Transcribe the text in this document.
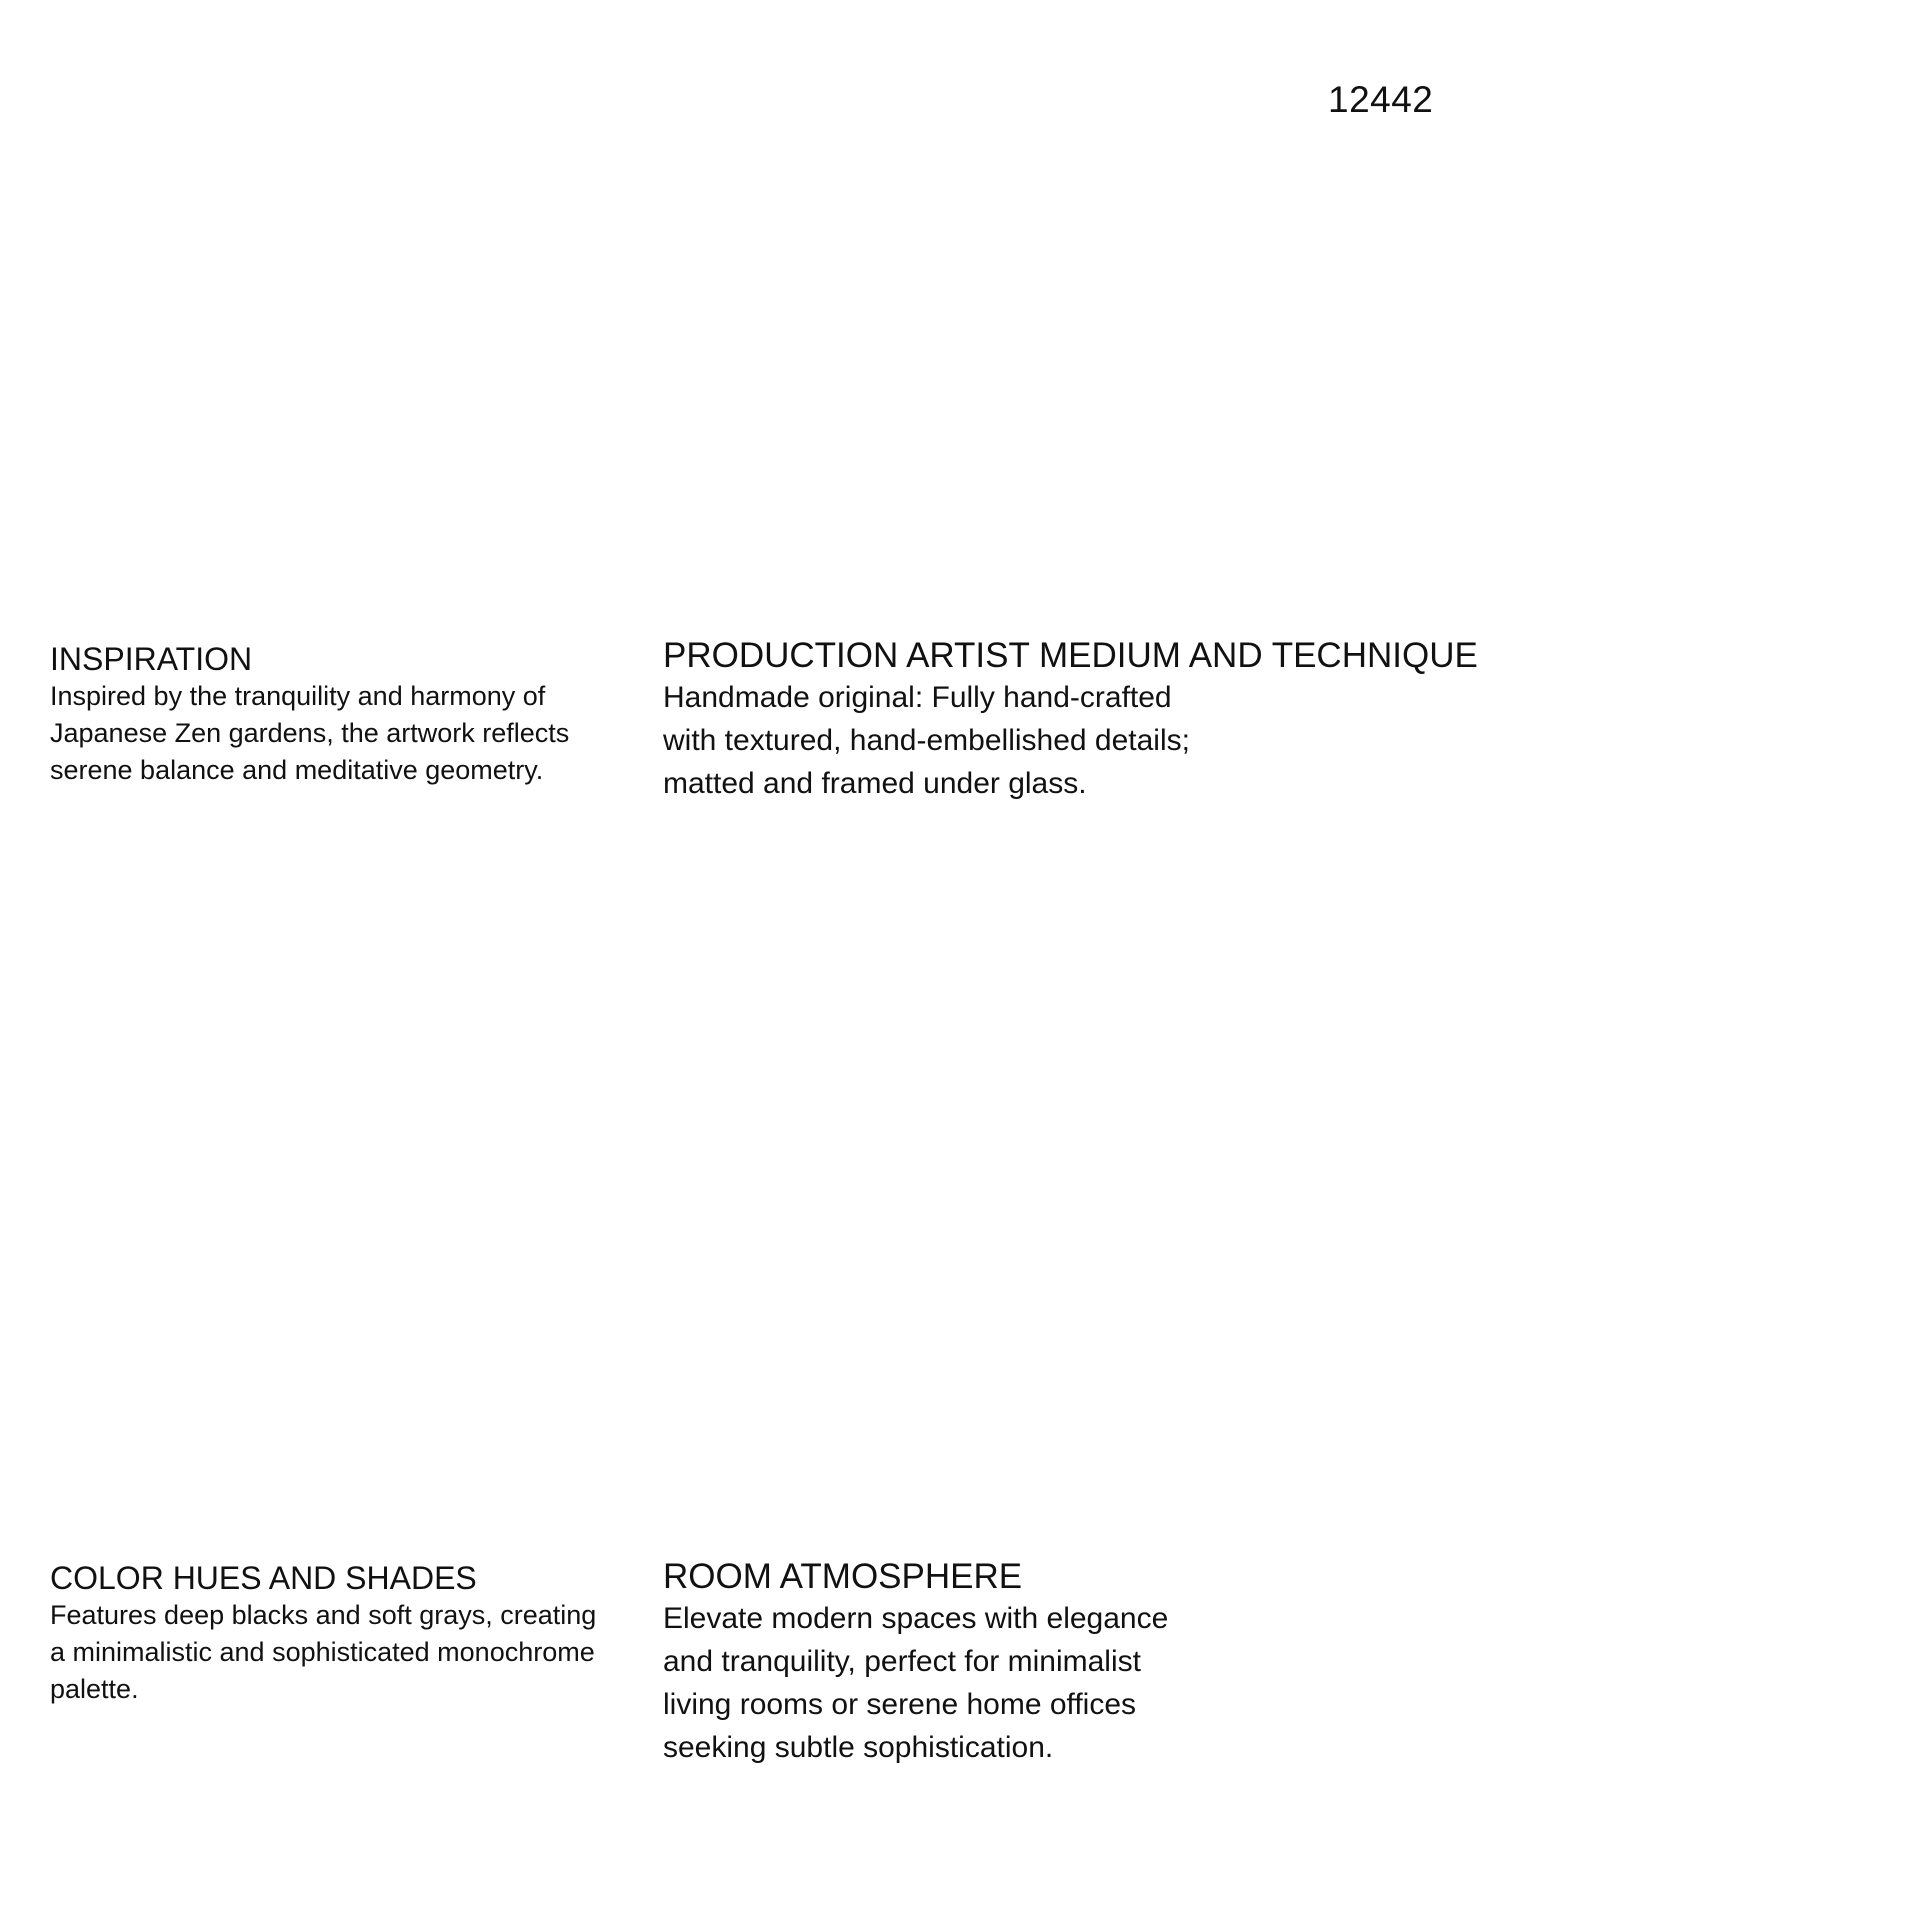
12442
INSPIRATION

Inspired by the tranquility and harmony of
Japanese Zen gardens, the artwork reflects
serene balance and meditative geometry.

PRODUCTION ARTIST MEDIUM AND TECHNIQUE

Handmade original: Fully hand-crafted
with textured, hand-embellished details;
matted and framed under glass.

COLOR HUES AND SHADES

Features deep blacks and soft grays, creating
a minimalistic and sophisticated monochrome
palette.

ROOM ATMOSPHERE

Elevate modern spaces with elegance
and tranquility, perfect for minimalist
living rooms or serene home offices
seeking subtle sophistication.
